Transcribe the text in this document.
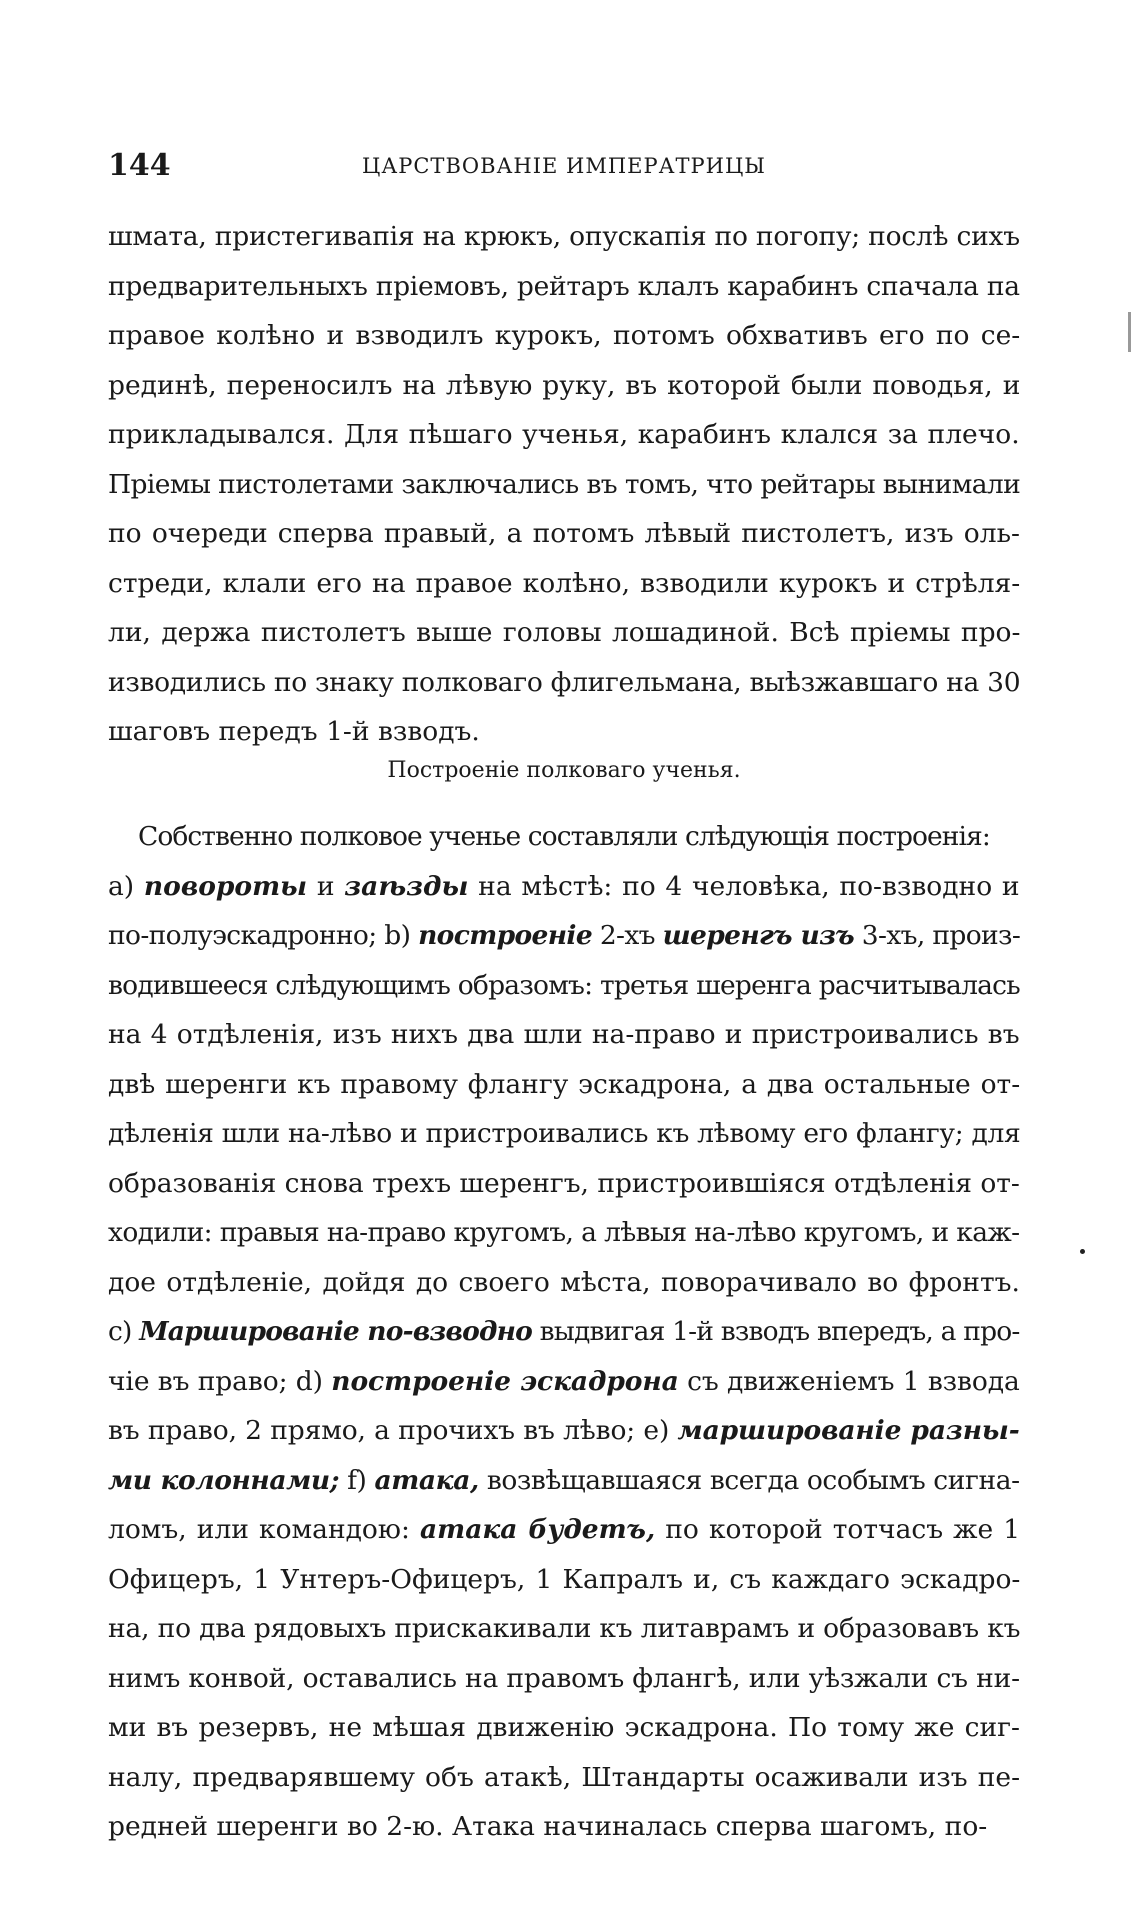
144	ЦАРСТВОВАНІЕ ИМПЕРАТРИЦЫ
шмата, пристегивапія на крюкъ, опускапія по погопу; послѣ сихъ
предварительныхъ пріемовъ, рейтаръ клалъ карабинъ спачала па
правое колѣно и взводилъ курокъ, потомъ обхвативъ его по се-
рединѣ, переносилъ на лѣвую руку, въ которой были поводья, и
прикладывался. Для пѣшаго ученья, карабинъ клался за плечо.
Пріемы пистолетами заключались въ томъ, что рейтары вынимали
по очереди сперва правый, а потомъ лѣвый пистолетъ, изъ оль-
стреди, клали его на правое колѣно, взводили курокъ и стрѣля-
ли, держа пистолетъ выше головы лошадиной. Всѣ пріемы про-
изводились по знаку полковаго флигельмана, выѣзжавшаго на 30
шаговъ передъ 1-й взводъ.
Построеніе полковаго ученья.
Собственно полковое ученье составляли слѣдующія построенія:
a) повороты и заѣзды на мѣстѣ: по 4 человѣка, по-взводно и
по-полуэскадронно; b) построеніе 2-хъ шеренгъ изъ 3-хъ, произ-
водившееся слѣдующимъ образомъ: третья шеренга расчитывалась
на 4 отдѣленія, изъ нихъ два шли на-право и пристроивались въ
двѣ шеренги къ правому флангу эскадрона, а два остальные от-
дѣленія шли на-лѣво и пристроивались къ лѣвому его флангу; для
образованія снова трехъ шеренгъ, пристроившіяся отдѣленія от-
ходили: правыя на-право кругомъ, а лѣвыя на-лѣво кругомъ, и каж-
дое отдѣленіе, дойдя до своего мѣста, поворачивало во фронтъ.
c) Маршированіе по-взводно выдвигая 1-й взводъ впередъ, а про-
чіе въ право; d) построеніе эскадрона съ движеніемъ 1 взвода
въ право, 2 прямо, а прочихъ въ лѣво; e) маршированіе разны-
ми колоннами; f) атака, возвѣщавшаяся всегда особымъ сигна-
ломъ, или командою: атака будетъ, по которой тотчасъ же 1
Офицеръ, 1 Унтеръ-Офицеръ, 1 Капралъ и, съ каждаго эскадро-
на, по два рядовыхъ прискакивали къ литаврамъ и образовавъ къ
нимъ конвой, оставались на правомъ флангѣ, или уѣзжали съ ни-
ми въ резервъ, не мѣшая движенію эскадрона. По тому же сиг-
налу, предварявшему объ атакѣ, Штандарты осаживали изъ пе-
редней шеренги во 2-ю. Атака начиналась сперва шагомъ, по-
